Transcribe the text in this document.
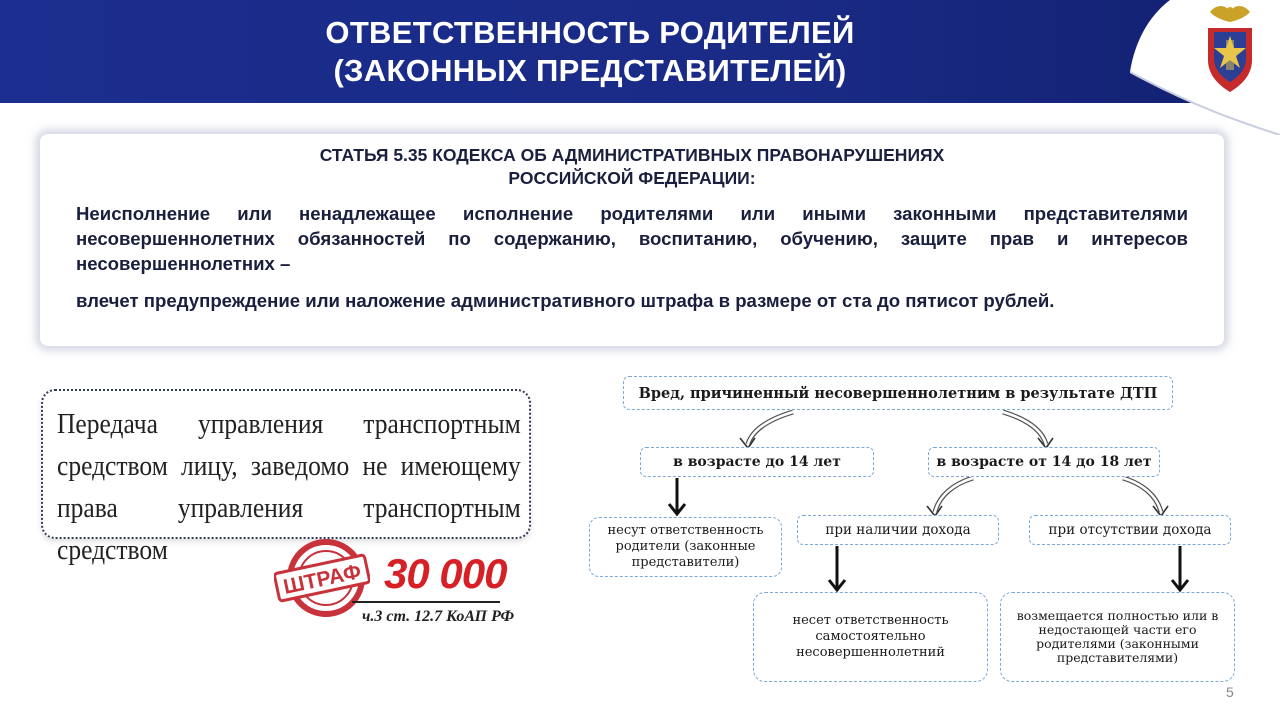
ОТВЕТСТВЕННОСТЬ РОДИТЕЛЕЙ
(ЗАКОННЫХ ПРЕДСТАВИТЕЛЕЙ)
СТАТЬЯ 5.35 КОДЕКСА ОБ АДМИНИСТРАТИВНЫХ ПРАВОНАРУШЕНИЯХ
РОССИЙСКОЙ ФЕДЕРАЦИИ:
Неисполнение или ненадлежащее исполнение родителями или иными законными представителями несовершеннолетних обязанностей по содержанию, воспитанию, обучению, защите прав и интересов несовершеннолетних –
влечет предупреждение или наложение административного штрафа в размере от ста до пятисот рублей.
Передача управления транспортным средством лицу, заведомо не имеющему права управления транспортным средством
ШТРАФ 30 000
ч.3 ст. 12.7 КоАП РФ
Вред, причиненный несовершеннолетним в результате ДТП
в возрасте до 14 лет	в возрасте от 14 до 18 лет
несут ответственность родители (законные представители)
при наличии дохода	при отсутствии дохода
несет ответственность самостоятельно несовершеннолетний
возмещается полностью или в недостающей части его родителями (законными представителями)
5
